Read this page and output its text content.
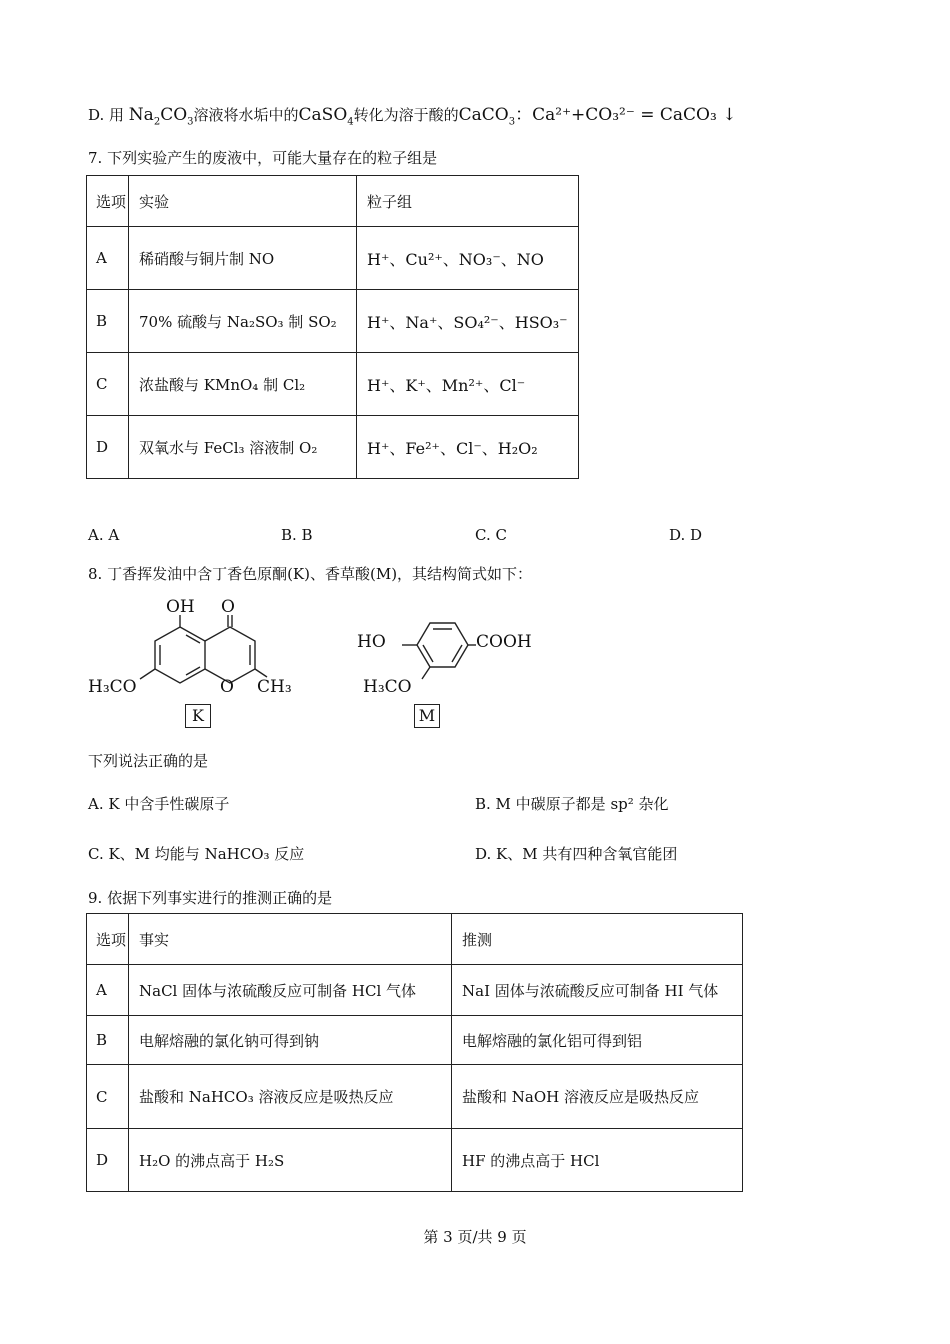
D. 用 $Na_2CO_3$溶液将水垢中的CaSO$_4$转化为溶于酸的CaCO$_3$：Ca²⁺+CO₃²⁻ = CaCO₃ ↓
7. 下列实验产生的废液中，可能大量存在的粒子组是
选项	实验	粒子组
A	稀硝酸与铜片制 NO	H⁺、Cu²⁺、NO₃⁻、NO
B	70% 硫酸与 Na₂SO₃ 制 SO₂	H⁺、Na⁺、SO₄²⁻、HSO₃⁻
C	浓盐酸与 KMnO₄ 制 Cl₂	H⁺、K⁺、Mn²⁺、Cl⁻
D	双氧水与 FeCl₃ 溶液制 O₂	H⁺、Fe²⁺、Cl⁻、H₂O₂
A. A	B. B	C. C	D. D
8. 丁香挥发油中含丁香色原酮(K)、香草酸(M)，其结构简式如下：
OH O
H₃CO	O CH₃
K
HO	COOH
H₃CO
M
下列说法正确的是
A. K 中含手性碳原子	B. M 中碳原子都是 sp² 杂化
C. K、M 均能与 NaHCO₃ 反应	D. K、M 共有四种含氧官能团
9. 依据下列事实进行的推测正确的是
选项	事实	推测
A	NaCl 固体与浓硫酸反应可制备 HCl 气体	NaI 固体与浓硫酸反应可制备 HI 气体
B	电解熔融的氯化钠可得到钠	电解熔融的氯化铝可得到铝
C	盐酸和 NaHCO₃ 溶液反应是吸热反应	盐酸和 NaOH 溶液反应是吸热反应
D	H₂O 的沸点高于 H₂S	HF 的沸点高于 HCl
第 3 页/共 9 页
